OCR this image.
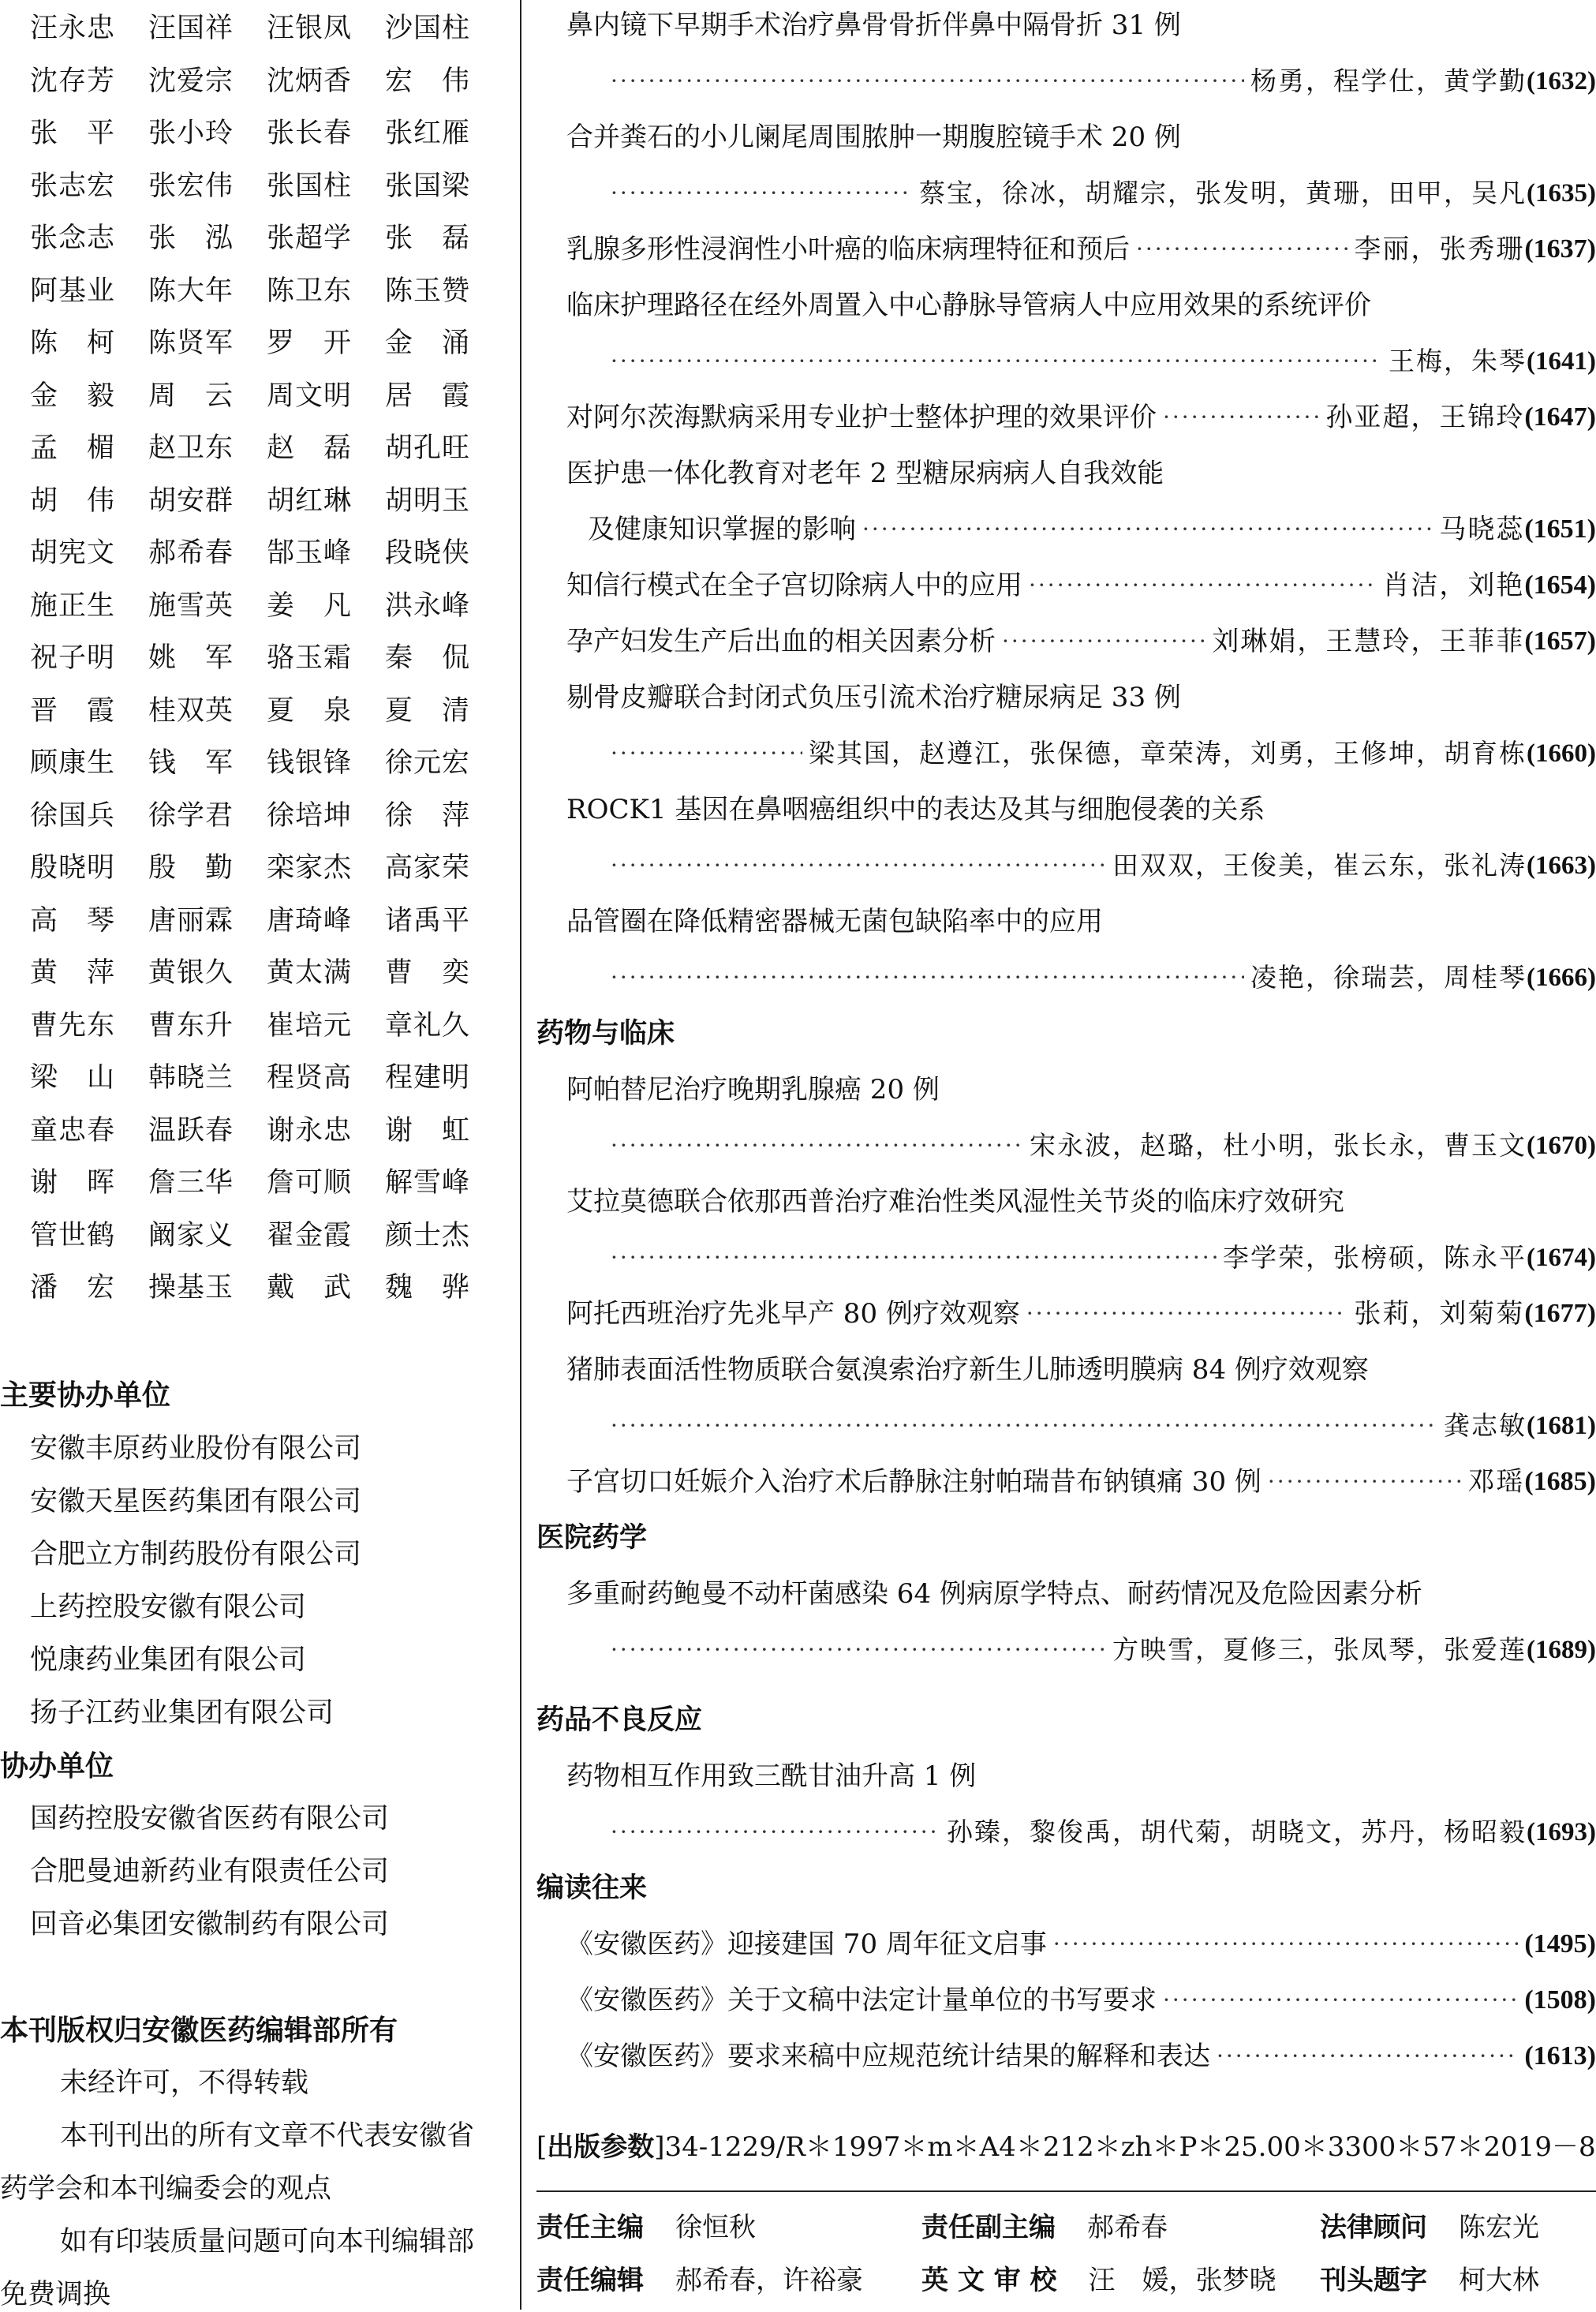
汪永忠	汪国祥	汪银凤	沙国柱
沈存芳	沈爱宗	沈炳香	宏　伟
张　平	张小玲	张长春	张红雁
张志宏	张宏伟	张国柱	张国梁
张念志	张　泓	张超学	张　磊
阿基业	陈大年	陈卫东	陈玉赞
陈　柯	陈贤军	罗　开	金　涌
金　毅	周　云	周文明	居　霞
孟　楣	赵卫东	赵　磊	胡孔旺
胡　伟	胡安群	胡红琳	胡明玉
胡宪文	郝希春	郜玉峰	段晓侠
施正生	施雪英	姜　凡	洪永峰
祝子明	姚　军	骆玉霜	秦　侃
晋　霞	桂双英	夏　泉	夏　清
顾康生	钱　军	钱银锋	徐元宏
徐国兵	徐学君	徐培坤	徐　萍
殷晓明	殷　勤	栾家杰	高家荣
高　琴	唐丽霖	唐琦峰	诸禹平
黄　萍	黄银久	黄太满	曹　奕
曹先东	曹东升	崔培元	章礼久
梁　山	韩晓兰	程贤高	程建明
童忠春	温跃春	谢永忠	谢　虹
谢　晖	詹三华	詹可顺	解雪峰
管世鹤	阚家义	翟金霞	颜士杰
潘　宏	操基玉	戴　武	魏　骅
主要协办单位
安徽丰原药业股份有限公司
安徽天星医药集团有限公司
合肥立方制药股份有限公司
上药控股安徽有限公司
悦康药业集团有限公司
扬子江药业集团有限公司
协办单位
国药控股安徽省医药有限公司
合肥曼迪新药业有限责任公司
回音必集团安徽制药有限公司
本刊版权归安徽医药编辑部所有
未经许可，不得转载
本刊刊出的所有文章不代表安徽省
药学会和本刊编委会的观点
如有印装质量问题可向本刊编辑部
免费调换
鼻内镜下早期手术治疗鼻骨骨折伴鼻中隔骨折 31 例
·····
杨勇，程学仕，黄学勤 (1632)
合并粪石的小儿阑尾周围脓肿一期腹腔镜手术 20 例
·····
蔡宝，徐冰，胡耀宗，张发明，黄珊，田甲，吴凡 (1635)
乳腺多形性浸润性小叶癌的临床病理特征和预后 ·····	李丽，张秀珊 (1637)
临床护理路径在经外周置入中心静脉导管病人中应用效果的系统评价
·····
王梅，朱琴 (1641)
对阿尔茨海默病采用专业护士整体护理的效果评价 ·····	孙亚超，王锦玲 (1647)
医护患一体化教育对老年 2 型糖尿病病人自我效能
及健康知识掌握的影响 ·····	马晓蕊 (1651)
知信行模式在全子宫切除病人中的应用 ·····	肖洁，刘艳 (1654)
孕产妇发生产后出血的相关因素分析 ·····	刘琳娟，王慧玲，王菲菲 (1657)
剔骨皮瓣联合封闭式负压引流术治疗糖尿病足 33 例
·····
梁其国，赵遵江，张保德，章荣涛，刘勇，王修坤，胡育栋 (1660)
ROCK1 基因在鼻咽癌组织中的表达及其与细胞侵袭的关系
·····
田双双，王俊美，崔云东，张礼涛 (1663)
品管圈在降低精密器械无菌包缺陷率中的应用
·····
凌艳，徐瑞芸，周桂琴 (1666)
药物与临床
阿帕替尼治疗晚期乳腺癌 20 例
·····
宋永波，赵璐，杜小明，张长永，曹玉文 (1670)
艾拉莫德联合依那西普治疗难治性类风湿性关节炎的临床疗效研究
·····
李学荣，张榜硕，陈永平 (1674)
阿托西班治疗先兆早产 80 例疗效观察 ·····	张莉，刘菊菊 (1677)
猪肺表面活性物质联合氨溴索治疗新生儿肺透明膜病 84 例疗效观察
·····
龚志敏 (1681)
子宫切口妊娠介入治疗术后静脉注射帕瑞昔布钠镇痛 30 例 ·····	邓瑶 (1685)
医院药学
多重耐药鲍曼不动杆菌感染 64 例病原学特点、耐药情况及危险因素分析
·····
方映雪，夏修三，张凤琴，张爱莲 (1689)
药品不良反应
药物相互作用致三酰甘油升高 1 例
·····
孙臻，黎俊禹，胡代菊，胡晓文，苏丹，杨昭毅 (1693)
编读往来
《安徽医药》迎接建国 70 周年征文启事 ·····	(1495)
《安徽医药》关于文稿中法定计量单位的书写要求 ·····	(1508)
《安徽医药》要求来稿中应规范统计结果的解释和表达 ·····	(1613)
[出版参数]34-1229/R＊1997＊m＊A4＊212＊zh＊P＊25.00＊3300＊57＊2019－8
责任主编 徐恒秋	责任副主编 郝希春	法律顾问 陈宏光
责任编辑 郝希春，许裕豪 英 文 审 校 汪　媛，张梦晓 刊头题字 柯大林
